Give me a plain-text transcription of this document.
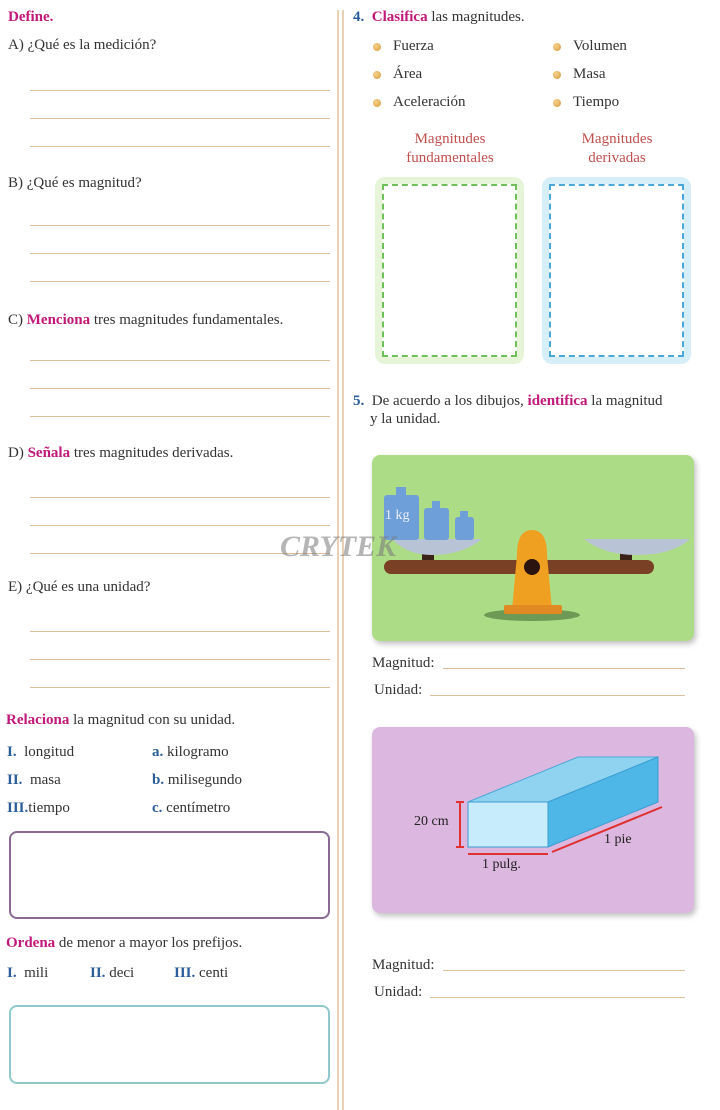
Define.
A) ¿Qué es la medición?
B) ¿Qué es magnitud?
C) Menciona tres magnitudes fundamentales.
D) Señala tres magnitudes derivadas.
E) ¿Qué es una unidad?
Relaciona la magnitud con su unidad.
I. longitud
II. masa
III.tiempo
a. kilogramo
b. milisegundo
c. centímetro
Ordena de menor a mayor los prefijos.
I. mili	II. deci	III. centi
4. Clasifica las magnitudes.
Fuerza
Área
Aceleración
Volumen
Masa
Tiempo
Magnitudes
fundamentales
Magnitudes
derivadas
5. De acuerdo a los dibujos, identifica la magnitud
y la unidad.
1 kg
CRYTEK
Magnitud:
Unidad:
20 cm
1 pie
1 pulg.
Magnitud:
Unidad:
